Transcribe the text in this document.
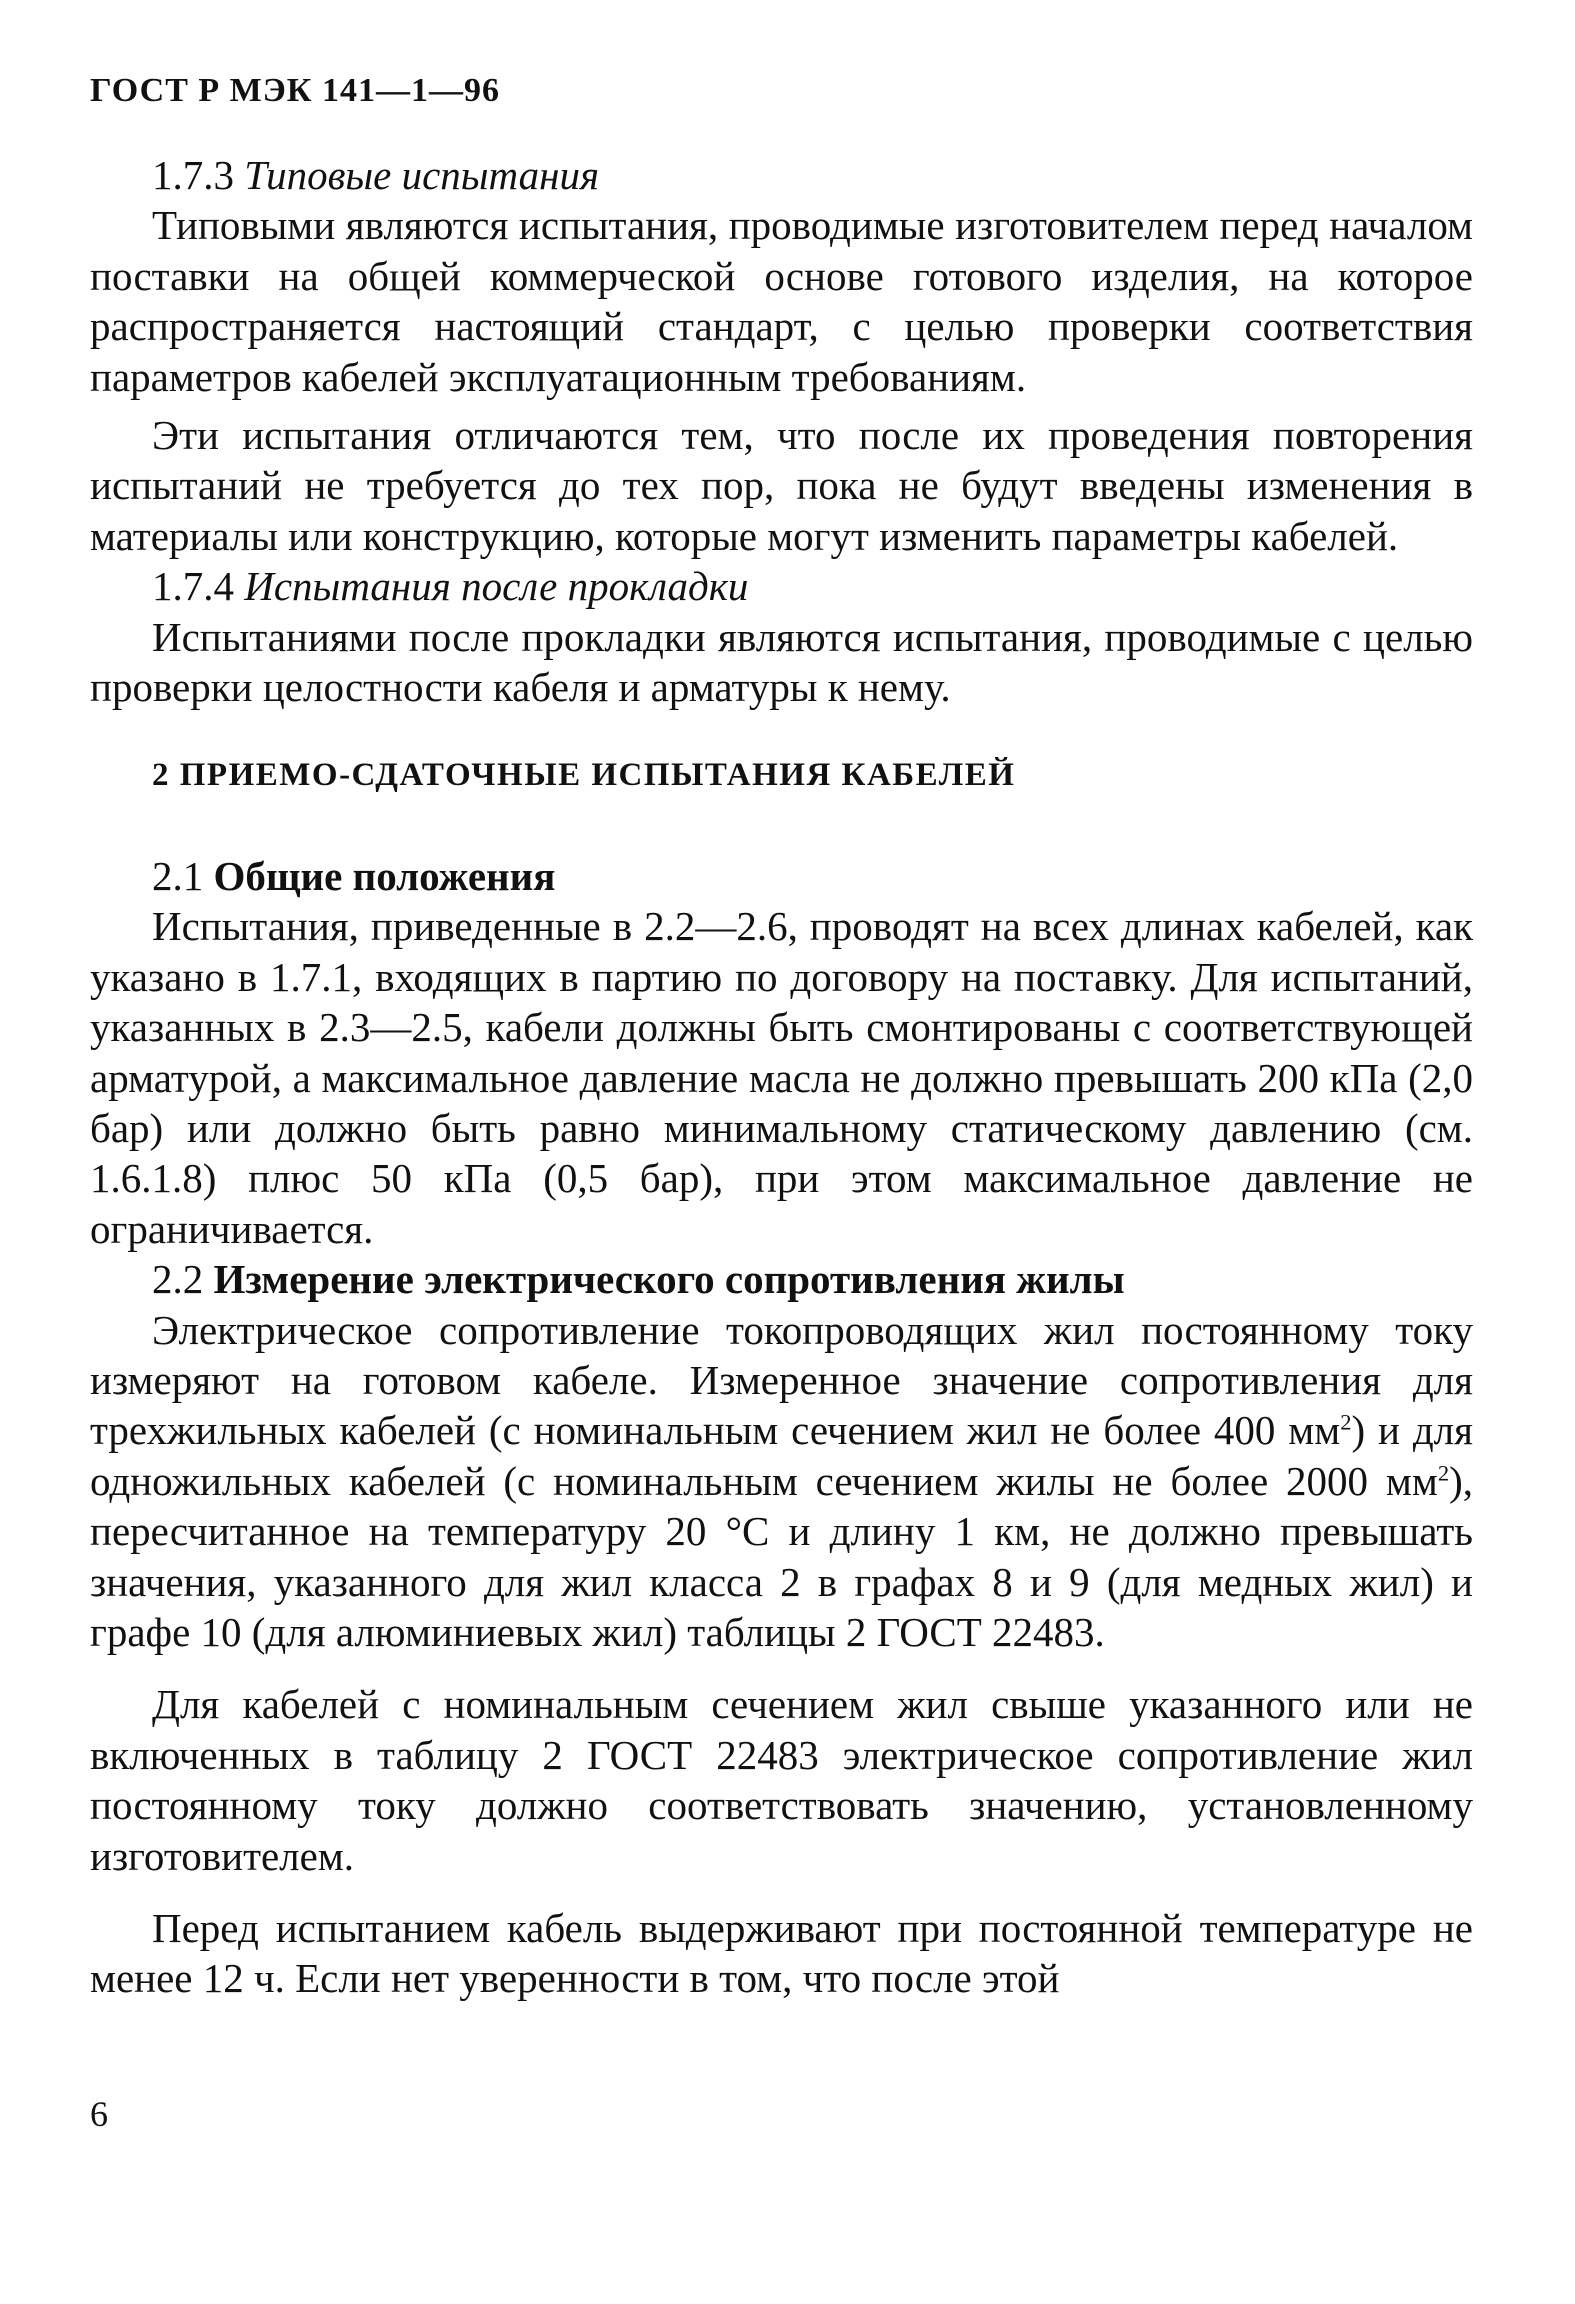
ГОСТ Р МЭК 141—1—96

1.7.3 Типовые испытания

Типовыми являются испытания, проводимые изготовителем перед началом поставки на общей коммерческой основе готового изделия, на которое распространяется настоящий стандарт, с целью проверки соответствия параметров кабелей эксплуатационным требованиям.

Эти испытания отличаются тем, что после их проведения повторения испытаний не требуется до тех пор, пока не будут введены изменения в материалы или конструкцию, которые могут изменить параметры кабелей.

1.7.4 Испытания после прокладки

Испытаниями после прокладки являются испытания, проводимые с целью проверки целостности кабеля и арматуры к нему.

2 ПРИЕМО-СДАТОЧНЫЕ ИСПЫТАНИЯ КАБЕЛЕЙ

2.1 Общие положения

Испытания, приведенные в 2.2—2.6, проводят на всех длинах кабелей, как указано в 1.7.1, входящих в партию по договору на поставку. Для испытаний, указанных в 2.3—2.5, кабели должны быть смонтированы с соответствующей арматурой, а максимальное давление масла не должно превышать 200 кПа (2,0 бар) или должно быть равно минимальному статическому давлению (см. 1.6.1.8) плюс 50 кПа (0,5 бар), при этом максимальное давление не ограничивается.

2.2 Измерение электрического сопротивления жилы

Электрическое сопротивление токопроводящих жил постоянному току измеряют на готовом кабеле. Измеренное значение сопротивления для трехжильных кабелей (с номинальным сечением жил не более 400 $мм^2$) и для одножильных кабелей (с номинальным сечением жилы не более 2000 $мм^2$), пересчитанное на температуру 20 °С и длину 1 км, не должно превышать значения, указанного для жил класса 2 в графах 8 и 9 (для медных жил) и графе 10 (для алюминиевых жил) таблицы 2 ГОСТ 22483.

Для кабелей с номинальным сечением жил свыше указанного или не включенных в таблицу 2 ГОСТ 22483 электрическое сопротивление жил постоянному току должно соответствовать значению, установленному изготовителем.

Перед испытанием кабель выдерживают при постоянной температуре не менее 12 ч. Если нет уверенности в том, что после этой

6
